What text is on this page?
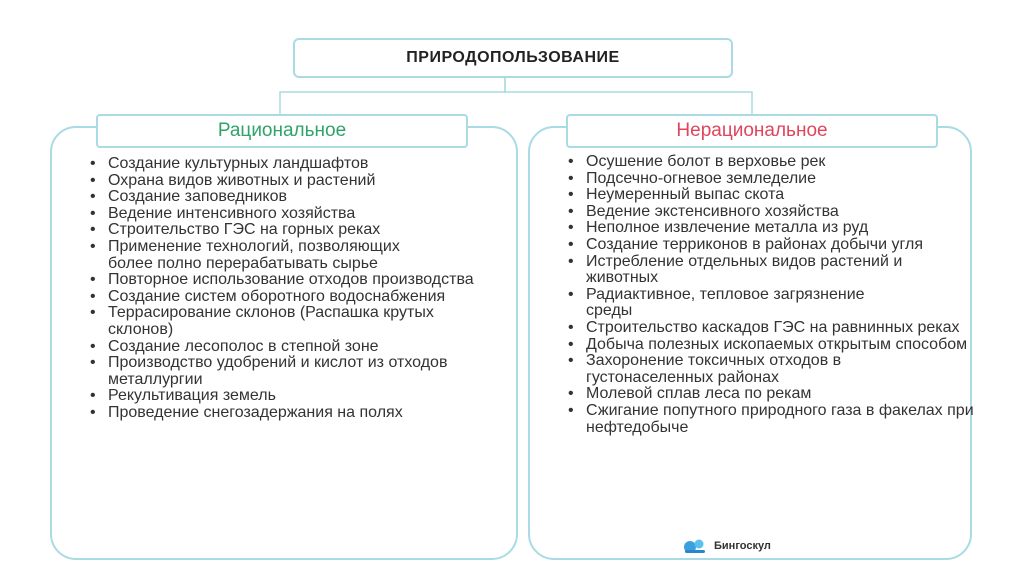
ПРИРОДОПОЛЬЗОВАНИЕ
Рациональное	Нерациональное
• Создание культурных ландшафтов
• Охрана видов животных и растений
• Создание заповедников
• Ведение интенсивного хозяйства
• Строительство ГЭС на горных реках
• Применение технологий, позволяющих более полно перерабатывать сырье
• Повторное использование отходов производства
• Создание систем оборотного водоснабжения
• Террасирование склонов (Распашка крутых склонов)
• Создание лесополос в степной зоне
• Производство удобрений и кислот из отходов металлургии
• Рекультивация земель
• Проведение снегозадержания на полях
• Осушение болот в верховье рек
• Подсечно-огневое земледелие
• Неумеренный выпас скота
• Ведение экстенсивного хозяйства
• Неполное извлечение металла из руд
• Создание терриконов в районах добычи угля
• Истребление отдельных видов растений и животных
• Радиактивное, тепловое загрязнение среды
• Строительство каскадов ГЭС на равнинных реках
• Добыча полезных ископаемых открытым способом
• Захоронение токсичных отходов в густонаселенных районах
• Молевой сплав леса по рекам
• Сжигание попутного природного газа в факелах при нефтедобыче
Бингоскул
